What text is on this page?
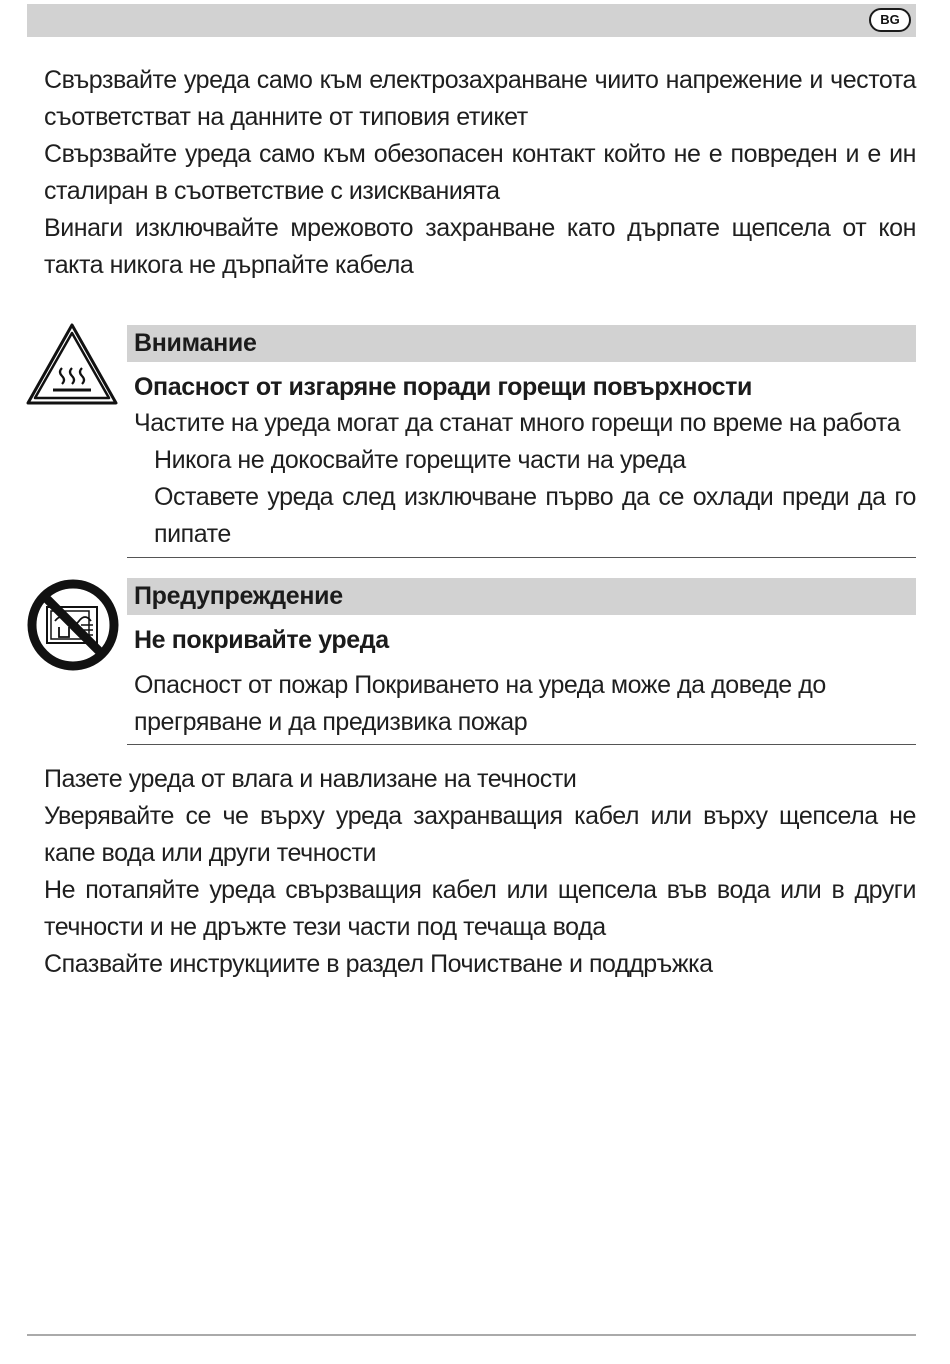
BG

Свързвайте уреда само към електрозахранване чиито напрежение и честота съответстват на данните от типовия етикет

Свързвайте уреда само към обезопасен контакт който не е повреден и е ин сталиран в съответствие с изискванията

Винаги изключвайте мрежовото захранване като дърпате щепсела от кон такта никога не дърпайте кабела

Внимание
Опасност от изгаряне поради горещи повърхности

Частите на уреда могат да станат много горещи по време на работа

Никога не докосвайте горещите части на уреда

Оставете уреда след изключване първо да се охлади преди да го пипате

Предупреждение
Не покривайте уреда

Опасност от пожар Покриването на уреда може да доведе до прегряване и да предизвика пожар

Пазете уреда от влага и навлизане на течности

Уверявайте се че върху уреда захранващия кабел или върху щепсела не капе вода или други течности

Не потапяйте уреда свързващия кабел или щепсела във вода или в други течности и не дръжте тези части под течаща вода

Спазвайте инструкциите в раздел Почистване и поддръжка
